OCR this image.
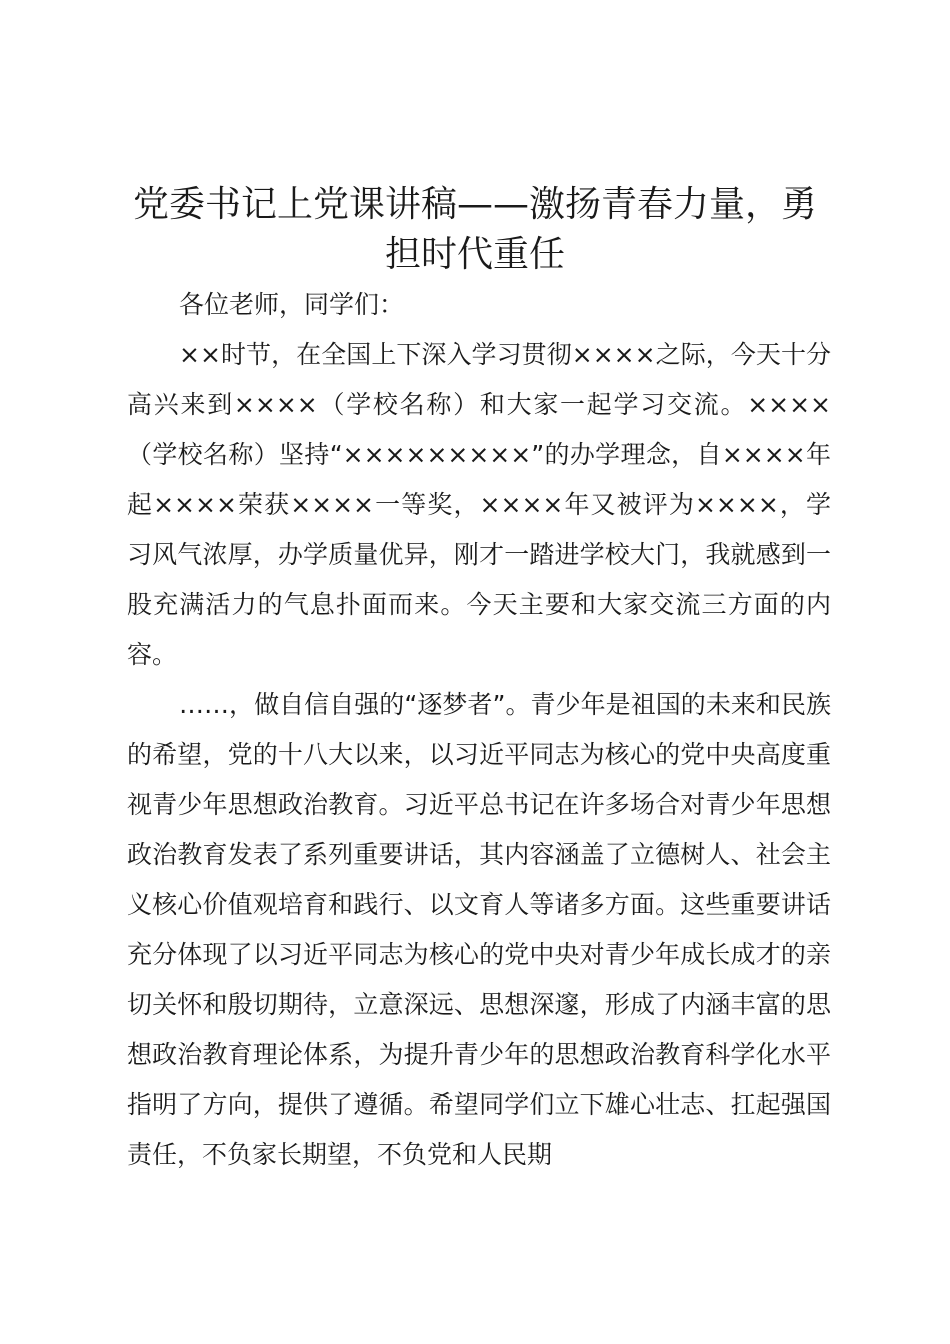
党委书记上党课讲稿——激扬青春力量，勇担时代重任

各位老师，同学们：

××时节，在全国上下深入学习贯彻××××之际，今天十分高兴来到××××（学校名称）和大家一起学习交流。××××（学校名称）坚持“×××××××××”的办学理念，自××××年起××××荣获××××一等奖，××××年又被评为××××，学习风气浓厚，办学质量优异，刚才一踏进学校大门，我就感到一股充满活力的气息扑面而来。今天主要和大家交流三方面的内容。

……，做自信自强的“逐梦者”。青少年是祖国的未来和民族的希望，党的十八大以来，以习近平同志为核心的党中央高度重视青少年思想政治教育。习近平总书记在许多场合对青少年思想政治教育发表了系列重要讲话，其内容涵盖了立德树人、社会主义核心价值观培育和践行、以文育人等诸多方面。这些重要讲话充分体现了以习近平同志为核心的党中央对青少年成长成才的亲切关怀和殷切期待，立意深远、思想深邃，形成了内涵丰富的思想政治教育理论体系，为提升青少年的思想政治教育科学化水平指明了方向，提供了遵循。希望同学们立下雄心壮志、扛起强国责任，不负家长期望，不负党和人民期
